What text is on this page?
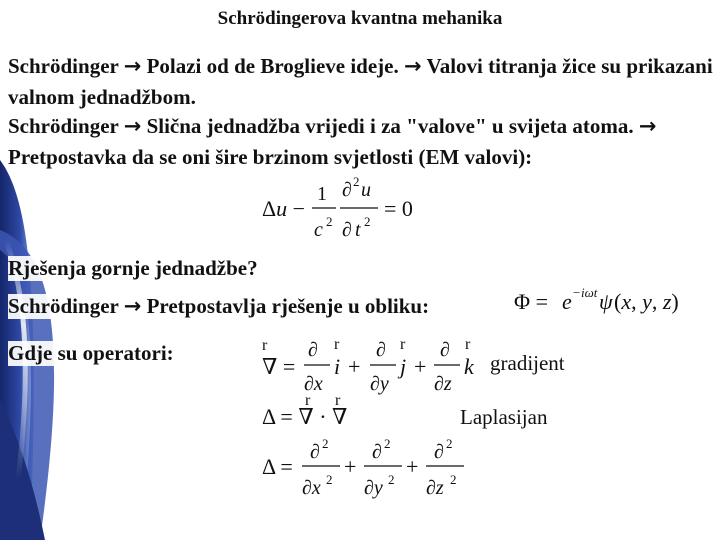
Schrödingerova kvantna mehanika
Schrödinger → Polazi od de Broglieve ideje. → Valovi titranja žice su prikazani valnom jednadžbom.
Schrödinger → Slična jednadžba vrijedi i za "valove" u svijeta atoma. → Pretpostavka da se oni šire brzinom svjetlosti (EM valovi):
Rješenja gornje jednadžbe?
Schrödinger → Pretpostavlja rješenje u obliku:
Gdje su operatori:	gradijent
Laplasijan
Δu −
1
c 2
∂ 2 u
∂ t 2
= 0
Φ = e − iωt ψ (x, y, z)
∇ =
∂
∂x
r
i
r
+
∂
∂y
j
r
+
∂
∂z
k
r
r r
Δ = ∇ · ∇
Δ =
∂ 2
∂x 2
+
∂ 2
∂y 2
+
∂ 2
∂z 2
